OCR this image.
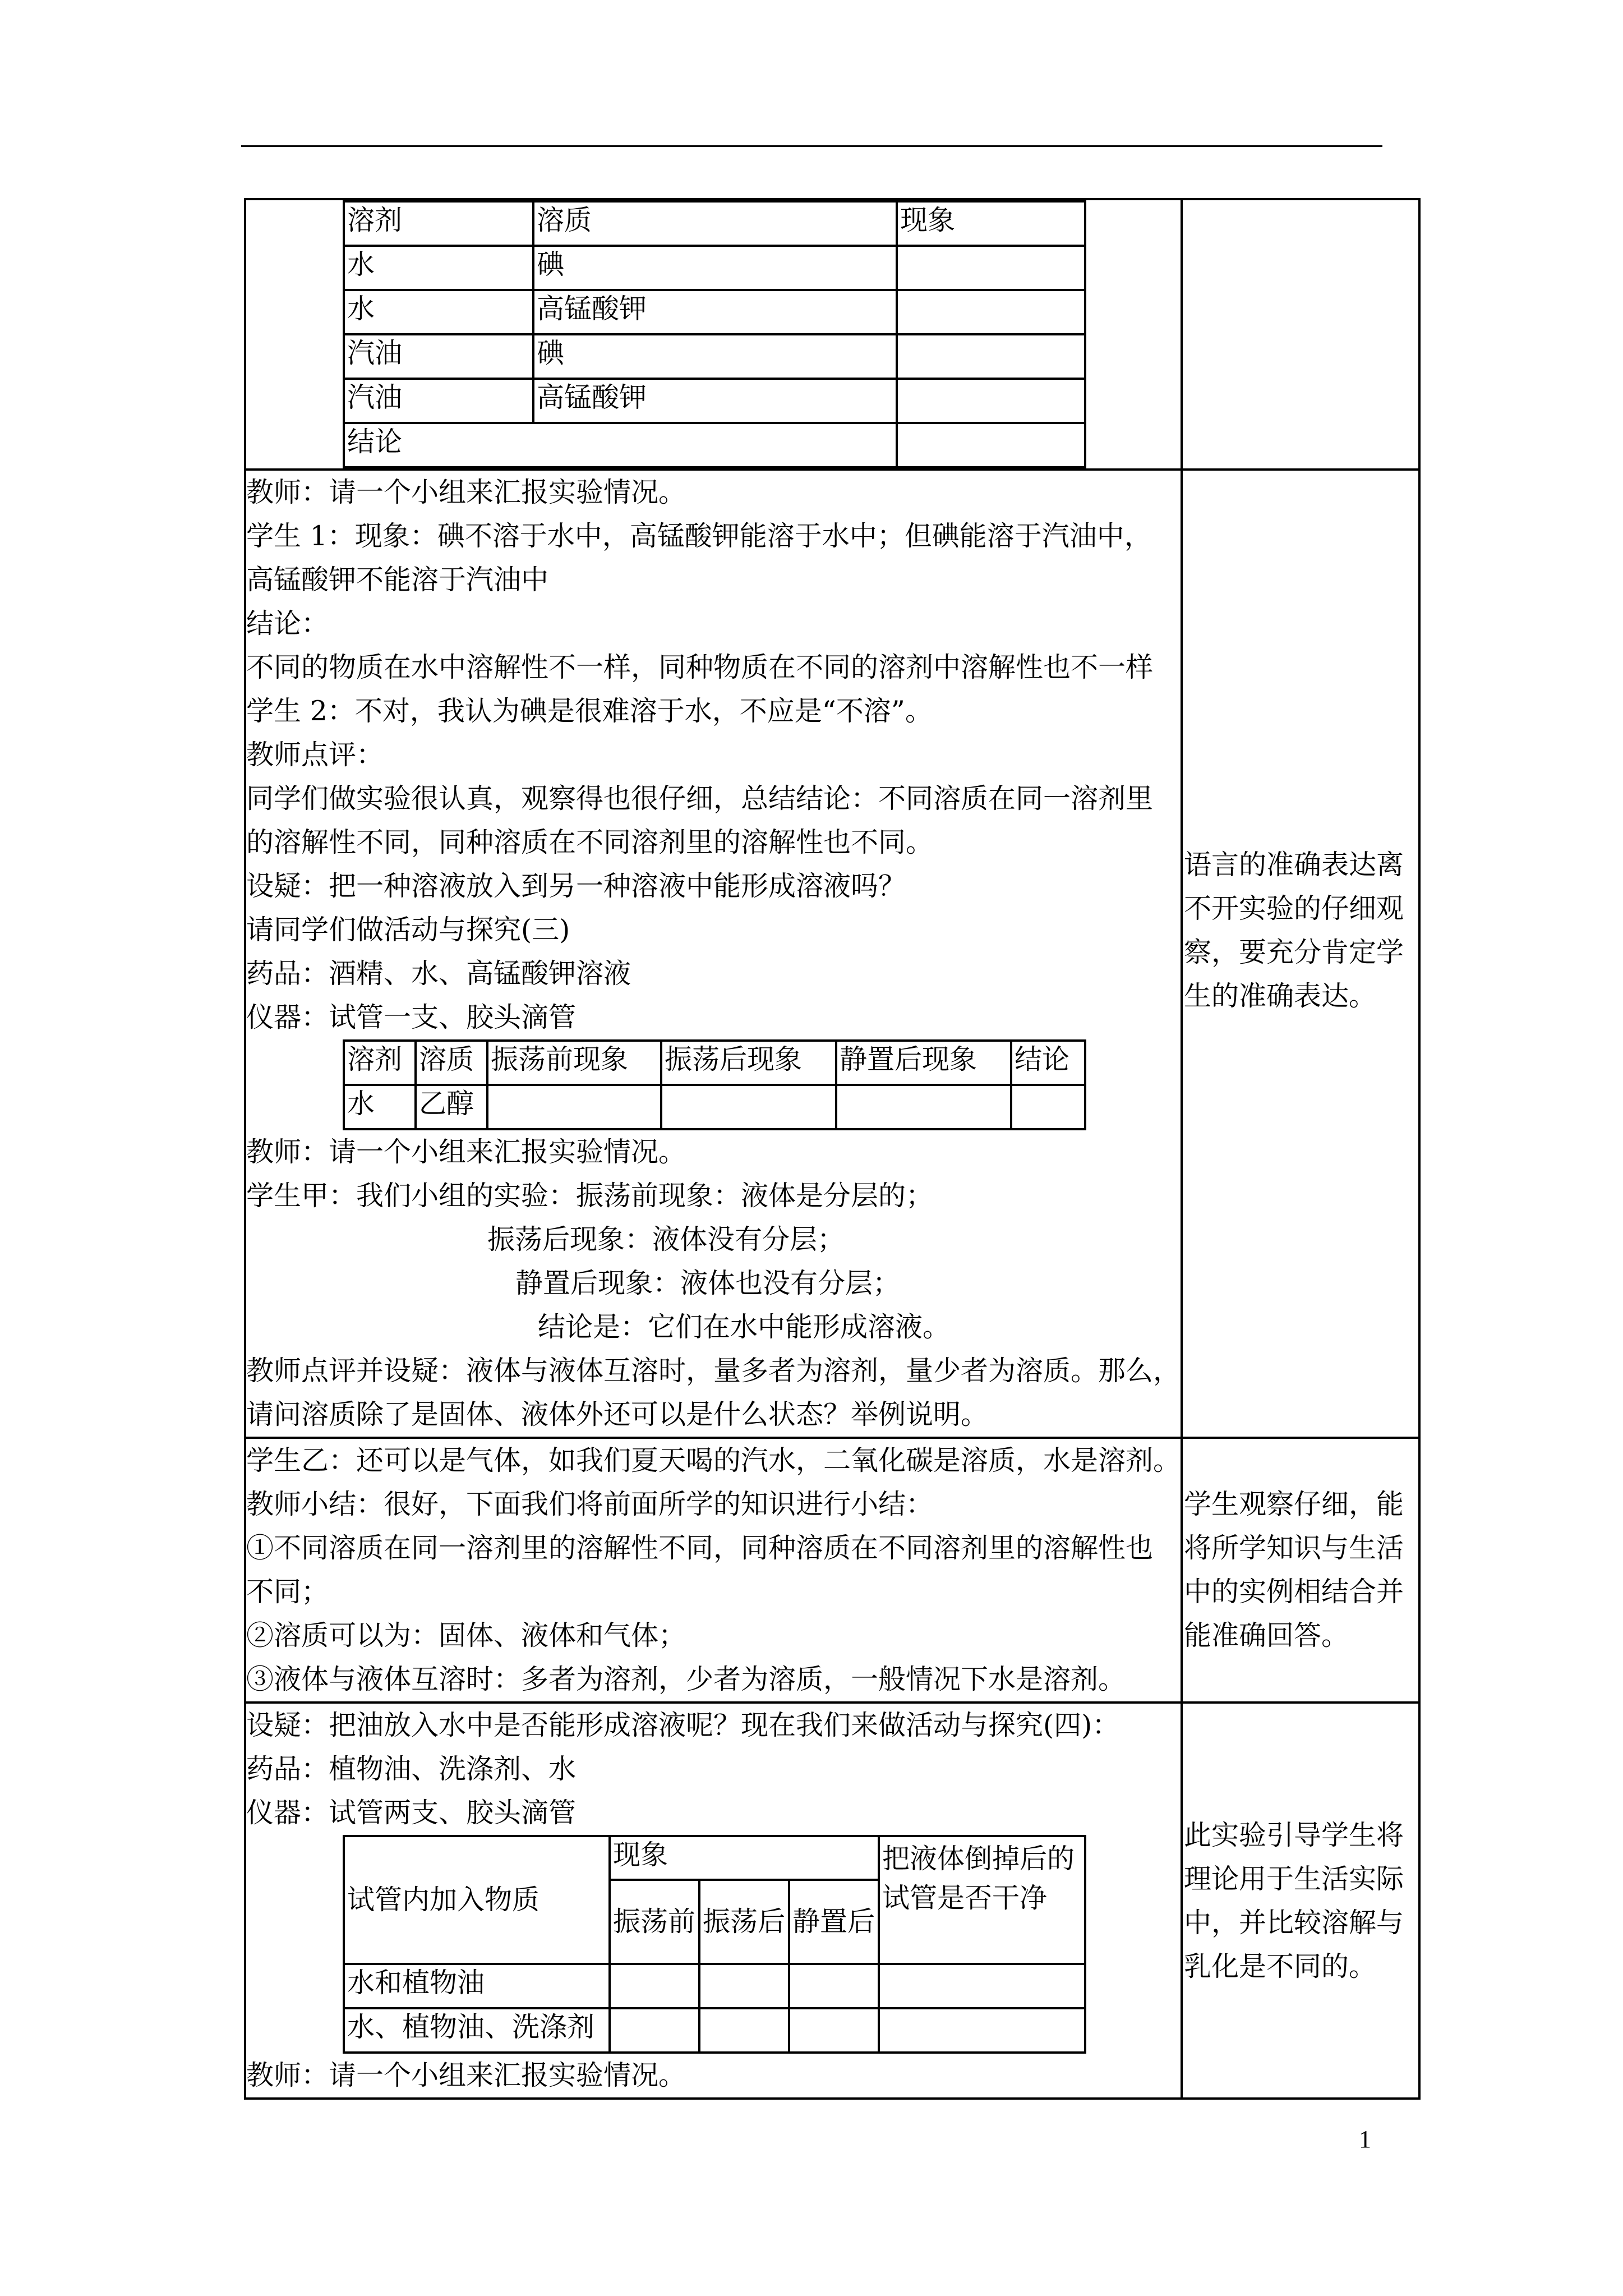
溶剂	溶质	现象
水	碘	
水	高锰酸钾	
汽油	碘	
汽油	高锰酸钾	
结论	

教师：请一个小组来汇报实验情况。

学生 1：现象：碘不溶于水中，高锰酸钾能溶于水中；但碘能溶于汽油中，

高锰酸钾不能溶于汽油中

结论：

不同的物质在水中溶解性不一样，同种物质在不同的溶剂中溶解性也不一样

学生 2：不对，我认为碘是很难溶于水，不应是“不溶”。

教师点评：

同学们做实验很认真，观察得也很仔细，总结结论：不同溶质在同一溶剂里

的溶解性不同，同种溶质在不同溶剂里的溶解性也不同。

设疑：把一种溶液放入到另一种溶液中能形成溶液吗？

请同学们做活动与探究(三)

药品：酒精、水、高锰酸钾溶液

仪器：试管一支、胶头滴管

溶剂	溶质	振荡前现象	振荡后现象	静置后现象	结论
水	乙醇				

教师：请一个小组来汇报实验情况。

学生甲：我们小组的实验：振荡前现象：液体是分层的；

振荡后现象：液体没有分层；

静置后现象：液体也没有分层；

结论是：它们在水中能形成溶液。

教师点评并设疑：液体与液体互溶时，量多者为溶剂，量少者为溶质。那么，

请问溶质除了是固体、液体外还可以是什么状态？举例说明。

语言的准确表达离不开实验的仔细观察，要充分肯定学生的准确表达。

学生乙：还可以是气体，如我们夏天喝的汽水，二氧化碳是溶质，水是溶剂。

教师小结：很好，下面我们将前面所学的知识进行小结：

①不同溶质在同一溶剂里的溶解性不同，同种溶质在不同溶剂里的溶解性也

不同；

②溶质可以为：固体、液体和气体；

③液体与液体互溶时：多者为溶剂，少者为溶质，一般情况下水是溶剂。

学生观察仔细，能将所学知识与生活中的实例相结合并能准确回答。

设疑：把油放入水中是否能形成溶液呢？现在我们来做活动与探究(四)：

药品：植物油、洗涤剂、水

仪器：试管两支、胶头滴管

试管内加入物质	现象	把液体倒掉后的试管是否干净
振荡前	振荡后	静置后
水和植物油				
水、植物油、洗涤剂				

教师：请一个小组来汇报实验情况。

此实验引导学生将理论用于生活实际中，并比较溶解与乳化是不同的。
1
